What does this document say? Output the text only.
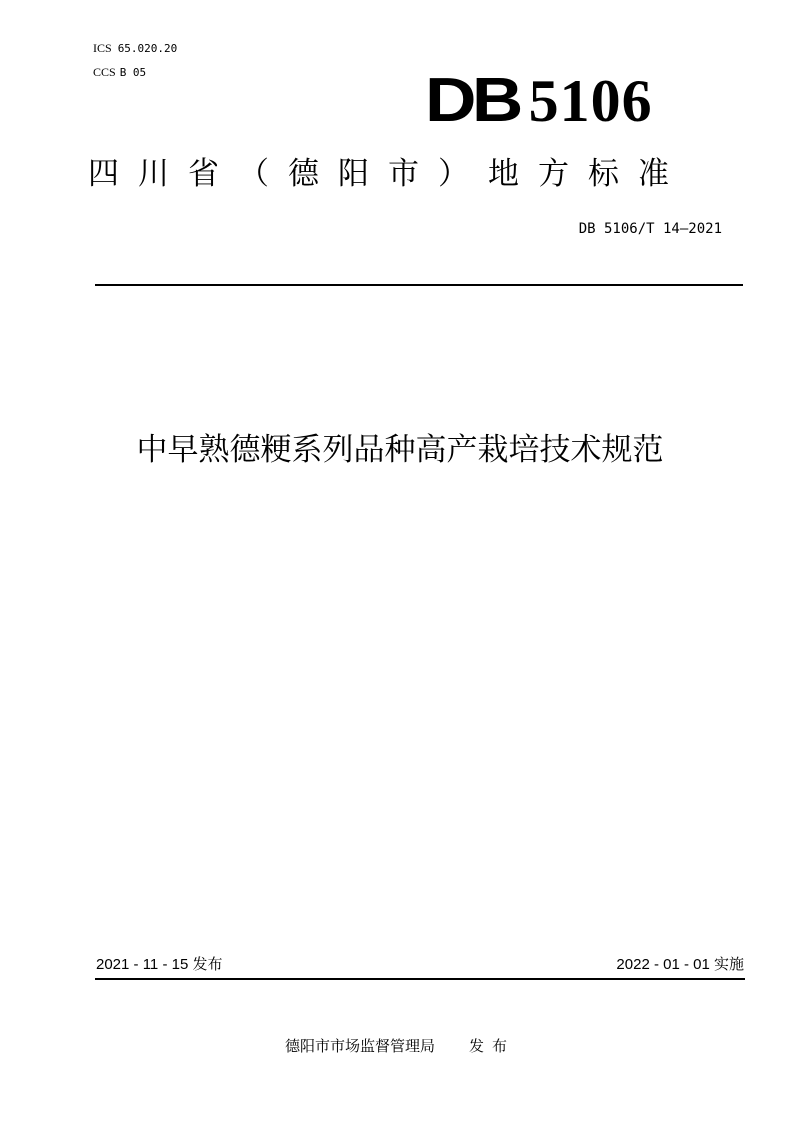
ICS 65.020.20
CCS B 05	DB 5106
四川省（德阳市）地方标准
DB 5106/T 14—2021
中早熟德粳系列品种高产栽培技术规范
2021 - 11 - 15 发布	2022 - 01 - 01 实施
德阳市市场监督管理局 发布
